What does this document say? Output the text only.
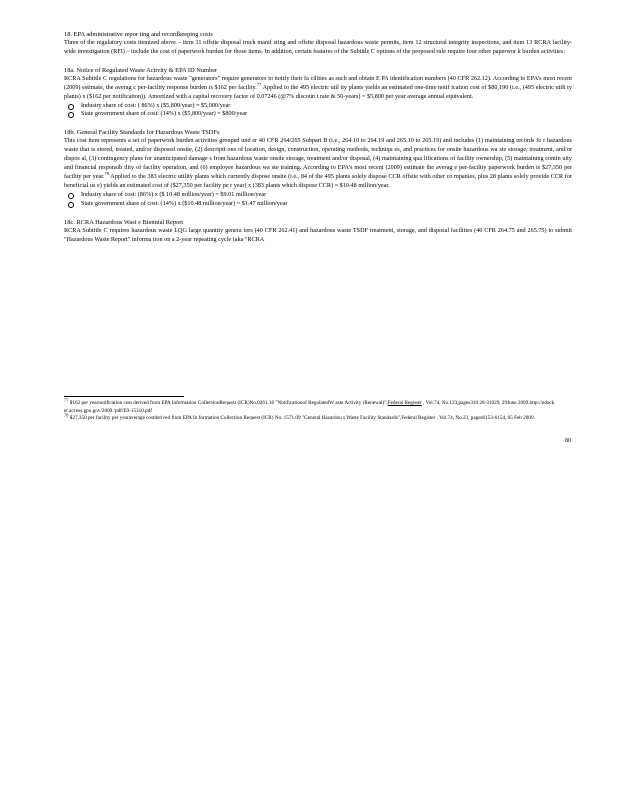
18. EPA administrative repor ting and recordkeeping costs

Three of the regulatory costs itemized above – item 11 offsite disposal truck manif sting and offsite disposal hazardous waste permits, item 12 structural integrity inspections, and item 13 RCRA facility-wide investigation (RFI) – include the cost of paperwork burden for those items. In addition, certain features of the Subtitle C options of the proposed rule require four other paperwor k burden activities:

18a. Notice of Regulated Waste Activity & EPA ID Number

RCRA Subtitle C regulations for hazardous waste "generators" require generators to notify their fa cilities as such and obtain E PA identification numbers (40 CFR 262.12). According to EPA's most recent (2009) estimate, the averag c per-facility response burden is $162 per facility.$^{77}$ Applied to the 495 electric util ity plants yields an estimated one-time notif ication cost of $80,190 (i.e., (495 electric utili ty plants) x ($162 per notification)). Amortized with a capital recovery factor of 0.07246 (@7% discoun t rate & 50-years) = $5,800 per year average annual equivalent.

Industry share of cost: ( 86%) x ($5,800/year) = $5,000/year
State government share of cost: (14%) x ($5,800/year) = $800/year

18b. General Facility Standards for Hazardous Waste TSDFs

This cost item represents a set of paperwork burden activities grouped und er 40 CFR 264/265 Subpart B (i.e., 264.10 to 264.19 and 265.10 to 265.19) and includes (1) maintaining records fo r hazardous waste that is stored, treated, and/or disposed onsite, (2) descripti ons of location, design, construction, operating methods, techniqu es, and practices for onsite hazardous wa ste storage, treatment, and/or dispos al, (3) contingency plans for unanticipated damage s from hazardous waste onsite storage, treatment and/or disposal, (4) maintaining qua lifications of facility ownership, (5) maintaining contin uity and financial responsib ility of facility operation, and (6) employee hazardous wa ste training. According to EPA's most recent (2009) estimate the averag e per-facility paperwork burden is $27,350 per facility per year.$^{78}$ Applied to the 383 electric utility plants which currently dispose onsite (i.e., 84 of the 495 plants solely dispose CCR offsite with other co mpanies, plus 28 plants solely provide CCR for beneficial us e) yields an estimated cost of ($27,350 per facility pe r year) x (383 plants which dispose CCR) = $10.48 million/year.

Industry share of cost: (86%) x ($ 10.48 million/year) = $9.01 million/year
State government share of cost: (14%) x ($10.48 million/year) = $1.47 million/year

18c. RCRA Hazardous Wast e Biennial Report

RCRA Subtitle C requires hazardous waste LQG large quantity genera tors (40 CFR 262.41) and hazardous waste TSDF treatment, storage, and disposal facilities (40 CFR 264.75 and 265.75) to submit "Hazardous Waste Report" informa tion on a 2-year repeating cycle (aka "RCRA

$^{77}$ $162 per yearnotification cost derived from EPA Information CollectionRequest (ICR)No.0261.16 "Notificationof RegulatedW aste Activity (Renewal)",Federal Register , Vol.74, No.123,pages310 28-31029, 29June 2009.http://edock et.access.gpo.gov/2009 /pdf/E9-15310.pdf

$^{78}$ $27,350 per facility per yearaverage costderived from EPA In formation Collection Request (ICR) No. 1571.09 "General Hazardou s Waste Facility Standards",Federal Register , Vol.74, No.23, pages6153-6154, 05 Feb 2009.

80
